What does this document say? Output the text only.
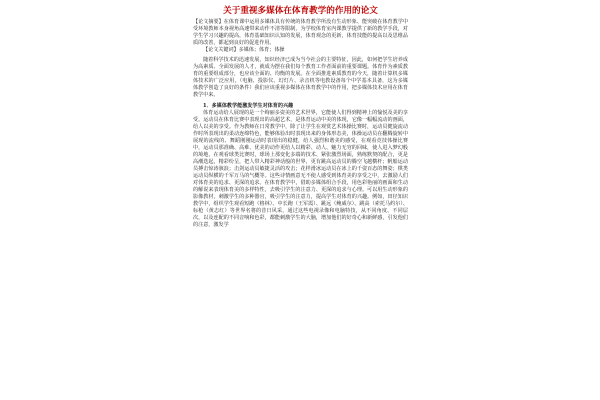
关于重视多媒体在体育教学的作用的论文

【论文摘要】在体育课中运用多媒体具有传统的体育教学所没有生动形象、能突破在体育教学中受环境教师本身视角高速带来动作不清等限制，为学校体育室内课教学提供了新的教学手段，对学生学习兴趣的提高，体育基础知识认知的发展，体育观念的更新，体育技能的提高以及思维品质的改善，都起到良好的促进作用。

【论文关键词】多媒体；体育；体操

随着科学技术的迅速发展，知识经济已成为当今社会的主要特征，因此，如何把学生培养成为高素质、全面发展的人才，就成为摆在我们每个教育工作者面前的重要课题。体育作为素质教育的重要组成部分，也应该全面的、均衡的发展。在全面推进素质教育的今天，随着计算机多媒体技术的广泛应用，（电脑、投影仪、幻灯片、录音机等电教设备每个中学基本具备，这为多媒体教学创造了良好的条件）我们应该重视多媒体在体育教学中的作用，把多媒体技术应用在体育教学中来。

1．多媒体教学能激发学生对体育的兴趣

体育运动给人展现的是一个绚丽多姿美的艺术世界，它能使人们得到精神上的愉悦及美的享受。运动员在体育比赛中表现出的高超艺术，是体育运动中美的体现，它像一幅幅流动的画面，给人以美的享受。作为教师在日常教学中，除了让学生在观赏艺术体操比赛时，运动员健旋流动作时所表现出的柔动连绵特色，能够体验出时表现出来的身体形态美，体操运动员在翻腾旋转中展现的流线的、舞蹈刚刚运动时表现出的稳健，给人强烈和谐美的感受，在观看竞技体操比赛中，运动员那准确、高难、优美的动作更给人以精彩、动人、魅力无穷的回味，使人进入梦幻般的境地，在观看球类比赛时，球场上那变化多端的技术、紧张激烈场面，熟练默契的配合，更是高潮迭起，精彩纷呈，把人带入精彩神话般的世界，更有跳高运动员的腾空飞越横杆；帆船运动员搏击惊涛骇浪；击剑运动员敏捷灵活的攻击；花样滑冰运动员在冰上的千姿百态的舞姿；棋类运动员纵横的千军万马的气概等。这些诗情画意无不使人感受到体育美的享受之中，去激励人们对体育美的追求、更深的追求。在体育教学中，借助多媒体组合手段，用色彩艳丽的画面和生动的解说来表现体育美的多样特性，去吸引学生的注意力、更深的追求与心理。可以用生动形象的影像教材，刺激学生的多种器官，吸引学生的注意力，提高学生对体育的兴趣。例如，田径知识教学中，组织学生观看短跑（格林）、中长跑（王军霞）、跳远（鲍威尔）、跳高（索托马约尔）、标枪（黄志红）等世界名将的昔日风采，通过这些电视录像和电脑特技，从不同角度、不同层次，以及连配的不同音响和色彩，都能刺激学生的大脑，增加他们的好奇心和新鲜感，引发他们的注意，激发学
